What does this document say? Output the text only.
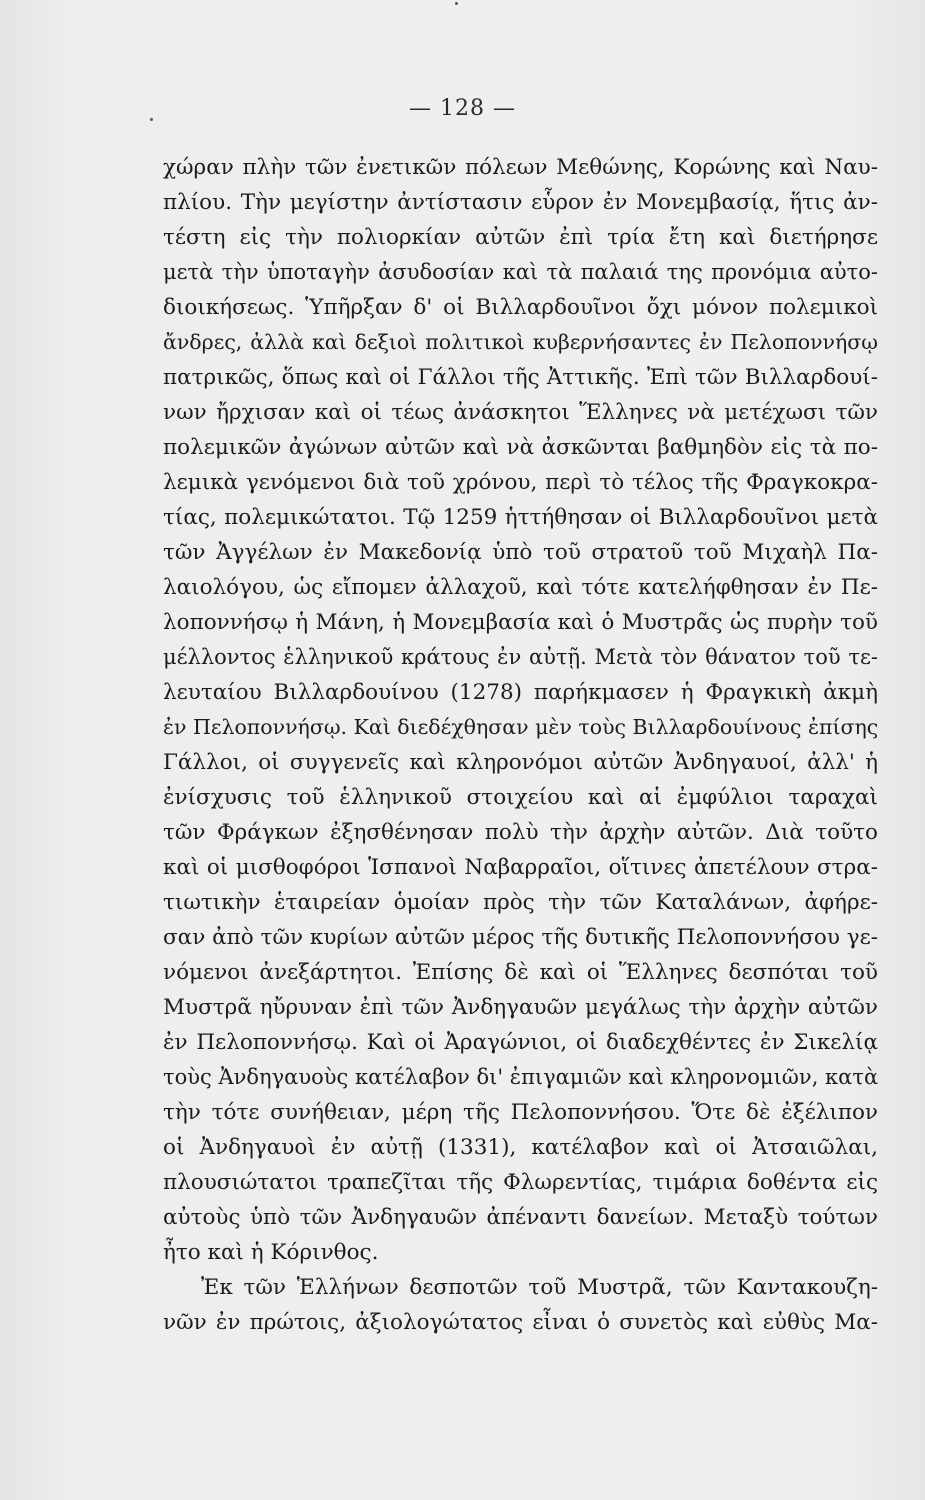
— 128 —
χώραν πλὴν τῶν ἐνετικῶν πόλεων Μεθώνης, Κορώνης καὶ Ναυ-
πλίου. Τὴν μεγίστην ἀντίστασιν εὗρον ἐν Μονεμβασίᾳ, ἥτις ἀν-
τέστη εἰς τὴν πολιορκίαν αὐτῶν ἐπὶ τρία ἔτη καὶ διετήρησε
μετὰ τὴν ὑποταγὴν ἀσυδοσίαν καὶ τὰ παλαιά της προνόμια αὐτο-
διοικήσεως. Ὑπῆρξαν δ' οἱ Βιλλαρδουῖνοι ὄχι μόνον πολεμικοὶ
ἄνδρες, ἀλλὰ καὶ δεξιοὶ πολιτικοὶ κυβερνήσαντες ἐν Πελοποννήσῳ
πατρικῶς, ὅπως καὶ οἱ Γάλλοι τῆς Ἀττικῆς. Ἐπὶ τῶν Βιλλαρδουί-
νων ἤρχισαν καὶ οἱ τέως ἀνάσκητοι Ἕλληνες νὰ μετέχωσι τῶν
πολεμικῶν ἀγώνων αὐτῶν καὶ νὰ ἀσκῶνται βαθμηδὸν εἰς τὰ πο-
λεμικὰ γενόμενοι διὰ τοῦ χρόνου, περὶ τὸ τέλος τῆς Φραγκοκρα-
τίας, πολεμικώτατοι. Τῷ 1259 ἡττήθησαν οἱ Βιλλαρδουῖνοι μετὰ
τῶν Ἀγγέλων ἐν Μακεδονίᾳ ὑπὸ τοῦ στρατοῦ τοῦ Μιχαὴλ Πα-
λαιολόγου, ὡς εἴπομεν ἀλλαχοῦ, καὶ τότε κατελήφθησαν ἐν Πε-
λοποννήσῳ ἡ Μάνη, ἡ Μονεμβασία καὶ ὁ Μυστρᾶς ὡς πυρὴν τοῦ
μέλλοντος ἑλληνικοῦ κράτους ἐν αὐτῇ. Μετὰ τὸν θάνατον τοῦ τε-
λευταίου Βιλλαρδουίνου (1278) παρήκμασεν ἡ Φραγκικὴ ἀκμὴ
ἐν Πελοποννήσῳ. Καὶ διεδέχθησαν μὲν τοὺς Βιλλαρδουίνους ἐπίσης
Γάλλοι, οἱ συγγενεῖς καὶ κληρονόμοι αὐτῶν Ἀνδηγαυοί, ἀλλ' ἡ
ἐνίσχυσις τοῦ ἑλληνικοῦ στοιχείου καὶ αἱ ἐμφύλιοι ταραχαὶ
τῶν Φράγκων ἐξησθένησαν πολὺ τὴν ἀρχὴν αὐτῶν. Διὰ τοῦτο
καὶ οἱ μισθοφόροι Ἱσπανοὶ Ναβαρραῖοι, οἵτινες ἀπετέλουν στρα-
τιωτικὴν ἑταιρείαν ὁμοίαν πρὸς τὴν τῶν Καταλάνων, ἀφήρε-
σαν ἀπὸ τῶν κυρίων αὐτῶν μέρος τῆς δυτικῆς Πελοποννήσου γε-
νόμενοι ἀνεξάρτητοι. Ἐπίσης δὲ καὶ οἱ Ἕλληνες δεσπόται τοῦ
Μυστρᾶ ηὔρυναν ἐπὶ τῶν Ἀνδηγαυῶν μεγάλως τὴν ἀρχὴν αὐτῶν
ἐν Πελοποννήσῳ. Καὶ οἱ Ἀραγώνιοι, οἱ διαδεχθέντες ἐν Σικελίᾳ
τοὺς Ἀνδηγαυοὺς κατέλαβον δι' ἐπιγαμιῶν καὶ κληρονομιῶν, κατὰ
τὴν τότε συνήθειαν, μέρη τῆς Πελοποννήσου. Ὅτε δὲ ἐξέλιπον
οἱ Ἀνδηγαυοὶ ἐν αὐτῇ (1331), κατέλαβον καὶ οἱ Ἀτσαιῶλαι,
πλουσιώτατοι τραπεζῖται τῆς Φλωρεντίας, τιμάρια δοθέντα εἰς
αὐτοὺς ὑπὸ τῶν Ἀνδηγαυῶν ἀπέναντι δανείων. Μεταξὺ τούτων
ἦτο καὶ ἡ Κόρινθος.
Ἐκ τῶν Ἑλλήνων δεσποτῶν τοῦ Μυστρᾶ, τῶν Καντακουζη-
νῶν ἐν πρώτοις, ἀξιολογώτατος εἶναι ὁ συνετὸς καὶ εὐθὺς Μα-
